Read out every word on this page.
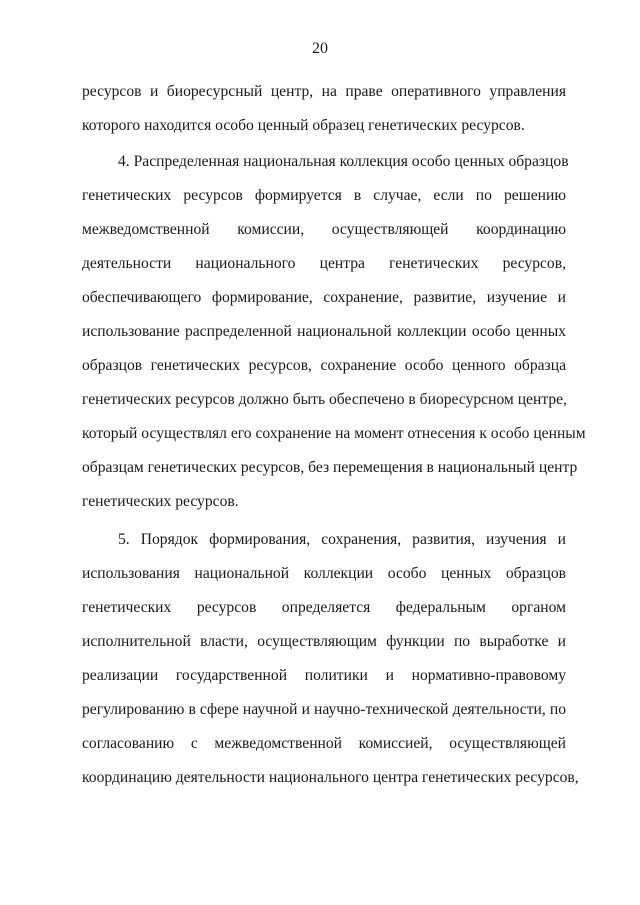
20
ресурсов и биоресурсный центр, на праве оперативного управления
которого находится особо ценный образец генетических ресурсов.
4. Распределенная национальная коллекция особо ценных образцов
генетических ресурсов формируется в случае, если по решению
межведомственной комиссии, осуществляющей координацию
деятельности национального центра генетических ресурсов,
обеспечивающего формирование, сохранение, развитие, изучение и
использование распределенной национальной коллекции особо ценных
образцов генетических ресурсов, сохранение особо ценного образца
генетических ресурсов должно быть обеспечено в биоресурсном центре,
который осуществлял его сохранение на момент отнесения к особо ценным
образцам генетических ресурсов, без перемещения в национальный центр
генетических ресурсов.
5. Порядок формирования, сохранения, развития, изучения и
использования национальной коллекции особо ценных образцов
генетических ресурсов определяется федеральным органом
исполнительной власти, осуществляющим функции по выработке и
реализации государственной политики и нормативно-правовому
регулированию в сфере научной и научно-технической деятельности, по
согласованию с межведомственной комиссией, осуществляющей
координацию деятельности национального центра генетических ресурсов,
